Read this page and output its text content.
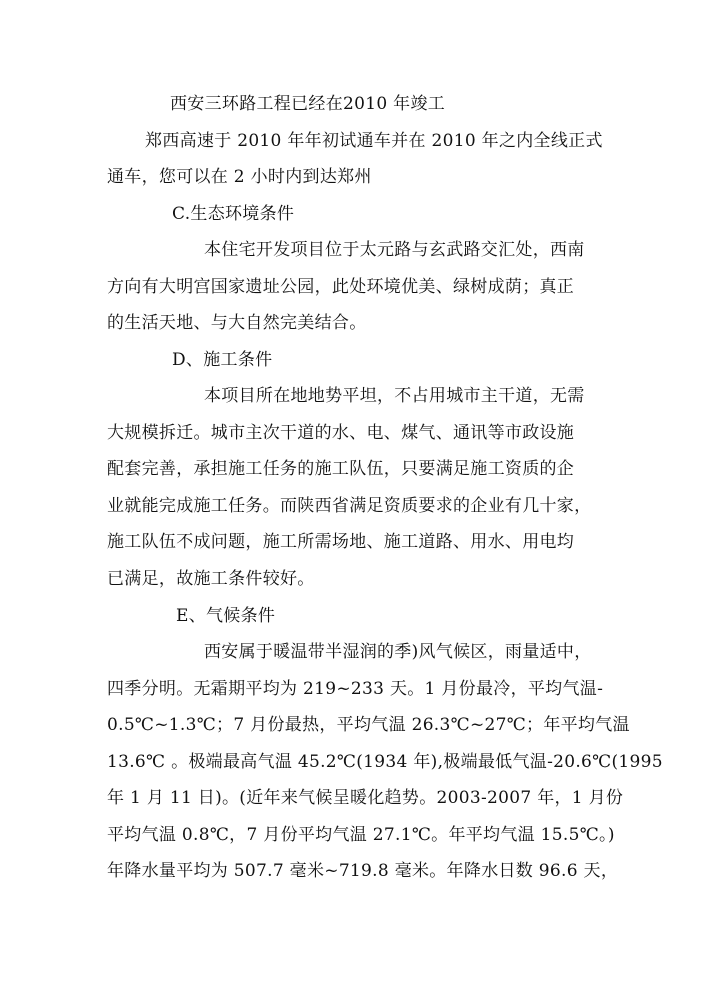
西安三环路工程已经在2010 年竣工
郑西高速于 2010 年年初试通车并在 2010 年之内全线正式
通车，您可以在 2 小时内到达郑州
C.生态环境条件
本住宅开发项目位于太元路与玄武路交汇处，西南
方向有大明宫国家遗址公园，此处环境优美、绿树成荫；真正
的生活天地、与大自然完美结合。
D、施工条件
本项目所在地地势平坦，不占用城市主干道，无需
大规模拆迁。城市主次干道的水、电、煤气、通讯等市政设施
配套完善，承担施工任务的施工队伍，只要满足施工资质的企
业就能完成施工任务。而陕西省满足资质要求的企业有几十家，
施工队伍不成问题，施工所需场地、施工道路、用水、用电均
已满足，故施工条件较好。
E、气候条件
西安属于暖温带半湿润的季)风气候区，雨量适中，
四季分明。无霜期平均为 219~233 天。1 月份最冷，平均气温-
0.5℃~1.3℃；7 月份最热，平均气温 26.3℃~27℃；年平均气温
13.6℃ 。极端最高气温 45.2℃(1934 年),极端最低气温-20.6℃(1995
年 1 月 11 日)。(近年来气候呈暖化趋势。2003-2007 年，1 月份
平均气温 0.8℃，7 月份平均气温 27.1℃。年平均气温 15.5℃。)
年降水量平均为 507.7 毫米~719.8 毫米。年降水日数 96.6 天，
